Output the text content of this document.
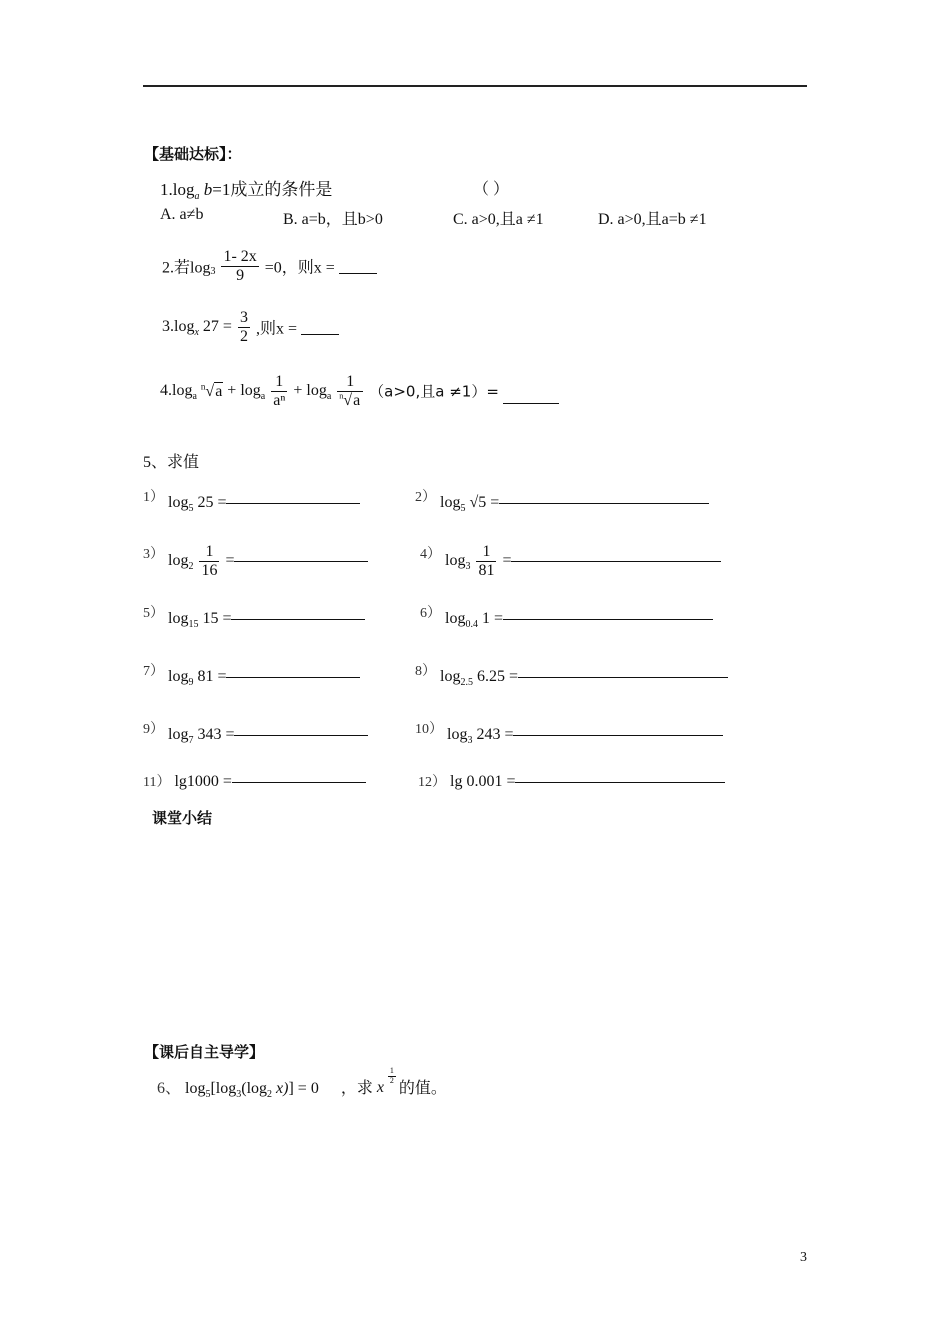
【基础达标】：
$1.\log_a$ b=1成立的条件是	（ ）
A. a≠b	B. a=b，且b>0	C. a>0,且a ≠1	D. a>0,且a=b ≠1
2.若$\log_3 \frac{1- 2x}{9} =0$，则x =
$3.\log_x$ $27 = \frac{3}{2}$ ,则x =
$4.\log_a$ $^n√a + \log_a \frac{1}{\text{aⁿ}} + \log_a \frac{1}{^n√a} (a>0$,且a ≠1）=
5、求值
1） $\log_5 25$ =	2） $\log_5 √5$ =
3） $\log_2 \frac{1}{16}$ =	4） $\log_3 \frac{1}{81}$ =
5） $\log_{15} 15$ =	6） $\log_{0.4} 1$ =
7） $\log_9 81$ =	8） $\log_{2.5} 6.25$ =
9） $\log_7 343$ =	10） $\log_3 243$ =
11） lg1000 =	12） lg 0.001 =
课堂小结
【课后自主导学】
6、 $\log_5[\log_3(\log_2$ x)] = 0 ，求 x
$\frac{1}{2}$
的值。
3
